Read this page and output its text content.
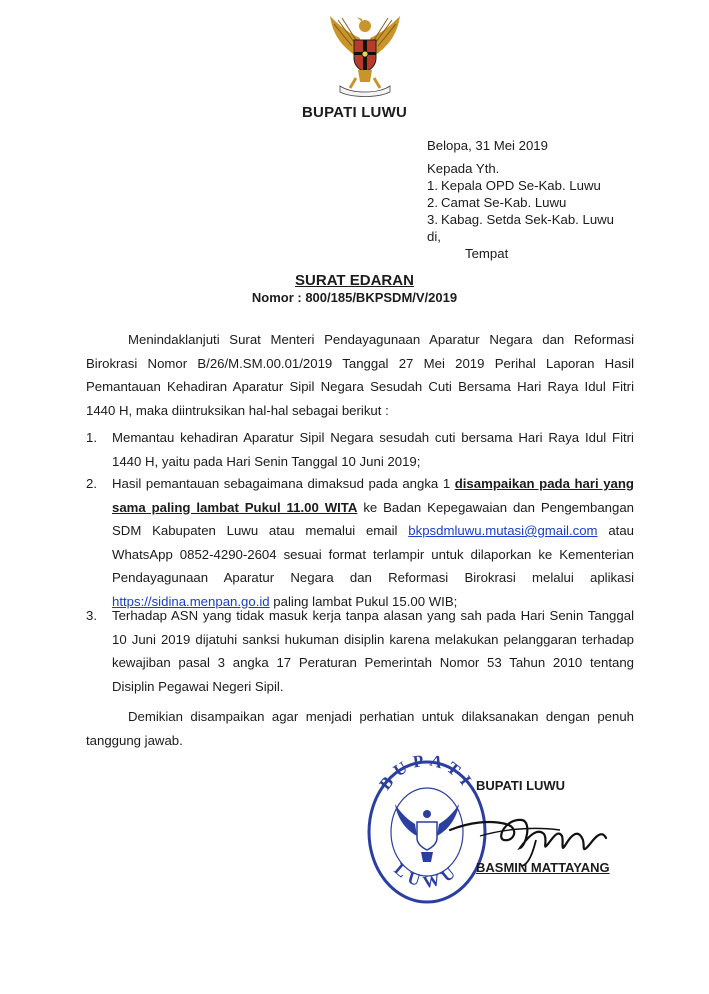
BUPATI LUWU
Belopa, 31 Mei 2019
Kepada Yth.
1. Kepala OPD Se-Kab. Luwu
2. Camat Se-Kab. Luwu
3. Kabag. Setda Sek-Kab. Luwu
di,
Tempat
SURAT EDARAN
Nomor : 800/185/BKPSDM/V/2019
Menindaklanjuti Surat Menteri Pendayagunaan Aparatur Negara dan Reformasi Birokrasi Nomor B/26/M.SM.00.01/2019 Tanggal 27 Mei 2019 Perihal Laporan Hasil Pemantauan Kehadiran Aparatur Sipil Negara Sesudah Cuti Bersama Hari Raya Idul Fitri 1440 H, maka diintruksikan hal-hal sebagai berikut :
1.	Memantau kehadiran Aparatur Sipil Negara sesudah cuti bersama Hari Raya Idul Fitri 1440 H, yaitu pada Hari Senin Tanggal 10 Juni 2019;
2.	Hasil pemantauan sebagaimana dimaksud pada angka 1 disampaikan pada hari yang sama paling lambat Pukul 11.00 WITA ke Badan Kepegawaian dan Pengembangan SDM Kabupaten Luwu atau memalui email bkpsdmluwu.mutasi@gmail.com atau WhatsApp 0852-4290-2604 sesuai format terlampir untuk dilaporkan ke Kementerian Pendayagunaan Aparatur Negara dan Reformasi Birokrasi melalui aplikasi https://sidina.menpan.go.id paling lambat Pukul 15.00 WIB;
3.	Terhadap ASN yang tidak masuk kerja tanpa alasan yang sah pada Hari Senin Tanggal 10 Juni 2019 dijatuhi sanksi hukuman disiplin karena melakukan pelanggaran terhadap kewajiban pasal 3 angka 17 Peraturan Pemerintah Nomor 53 Tahun 2010 tentang Disiplin Pegawai Negeri Sipil.
Demikian disampaikan agar menjadi perhatian untuk dilaksanakan dengan penuh tanggung jawab.
BUPATI
LUWU
BUPATI LUWU
BASMIN MATTAYANG
